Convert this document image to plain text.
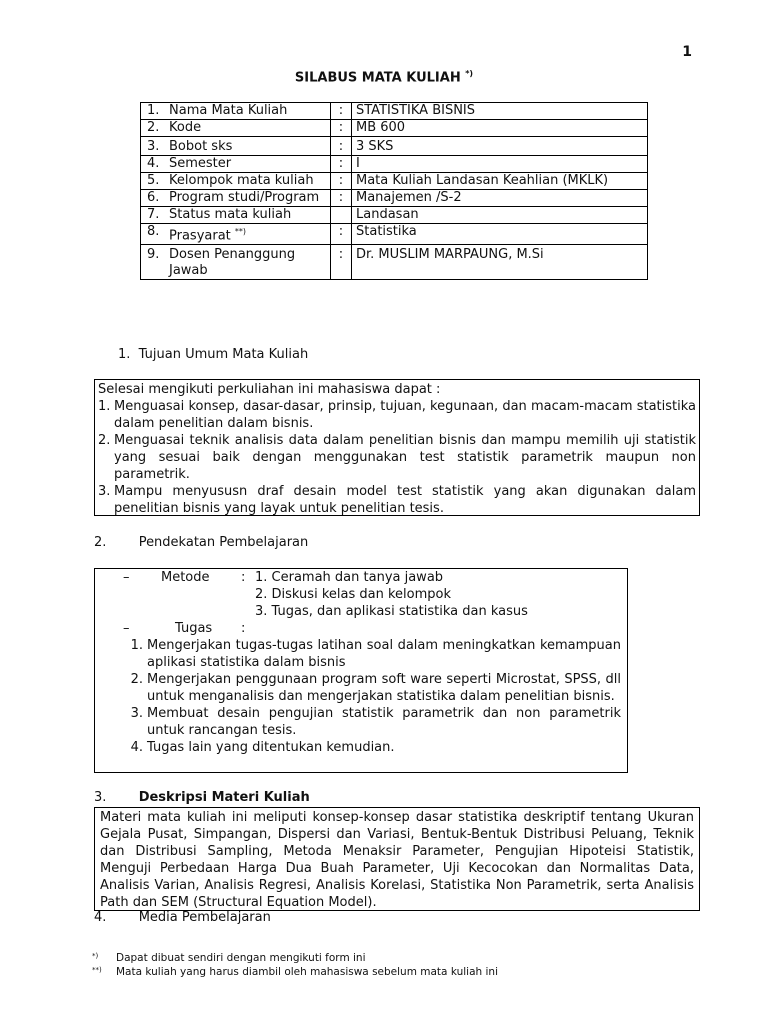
1
SILABUS MATA KULIAH *)
1. Nama Mata Kuliah	:	STATISTIKA BISNIS

2. Kode	:	MB 600

3. Bobot sks	:	3 SKS

4. Semester	:	I

5. Kelompok mata kuliah	:	Mata Kuliah Landasan Keahlian (MKLK)

6. Program studi/Program	:	Manajemen /S-2

7. Status mata kuliah		Landasan

8. Prasyarat **)	:	Statistika

9. Dosen Penanggung Jawab	:	Dr. MUSLIM MARPAUNG, M.Si
1. Tujuan Umum Mata Kuliah
Selesai mengikuti perkuliahan ini mahasiswa dapat :
1. Menguasai konsep, dasar-dasar, prinsip, tujuan, kegunaan, dan macam-macam statistika dalam penelitian dalam bisnis.
2. Menguasai teknik analisis data dalam penelitian bisnis dan mampu memilih uji statistik yang sesuai baik dengan menggunakan test statistik parametrik maupun non parametrik.
3. Mampu menyususn draf desain model test statistik yang akan digunakan dalam penelitian bisnis yang layak untuk penelitian tesis.
2. Pendekatan Pembelajaran
– Metode : 1. Ceramah dan tanya jawab
2. Diskusi kelas dan kelompok
3. Tugas, dan aplikasi statistika dan kasus
–	Tugas :
1. Mengerjakan tugas-tugas latihan soal dalam meningkatkan kemampuan aplikasi statistika dalam bisnis
2. Mengerjakan penggunaan program soft ware seperti Microstat, SPSS, dll untuk menganalisis dan mengerjakan statistika dalam penelitian bisnis.
3. Membuat desain pengujian statistik parametrik dan non parametrik untuk rancangan tesis.
4. Tugas lain yang ditentukan kemudian.
3. Deskripsi Materi Kuliah
Materi mata kuliah ini meliputi konsep-konsep dasar statistika deskriptif tentang Ukuran Gejala Pusat, Simpangan, Dispersi dan Variasi, Bentuk-Bentuk Distribusi Peluang, Teknik dan Distribusi Sampling, Metoda Menaksir Parameter, Pengujian Hipoteisi Statistik, Menguji Perbedaan Harga Dua Buah Parameter, Uji Kecocokan dan Normalitas Data, Analisis Varian, Analisis Regresi, Analisis Korelasi, Statistika Non Parametrik, serta Analisis Path dan SEM (Structural Equation Model).
4. Media Pembelajaran
*)	Dapat dibuat sendiri dengan mengikuti form ini
**)	Mata kuliah yang harus diambil oleh mahasiswa sebelum mata kuliah ini
